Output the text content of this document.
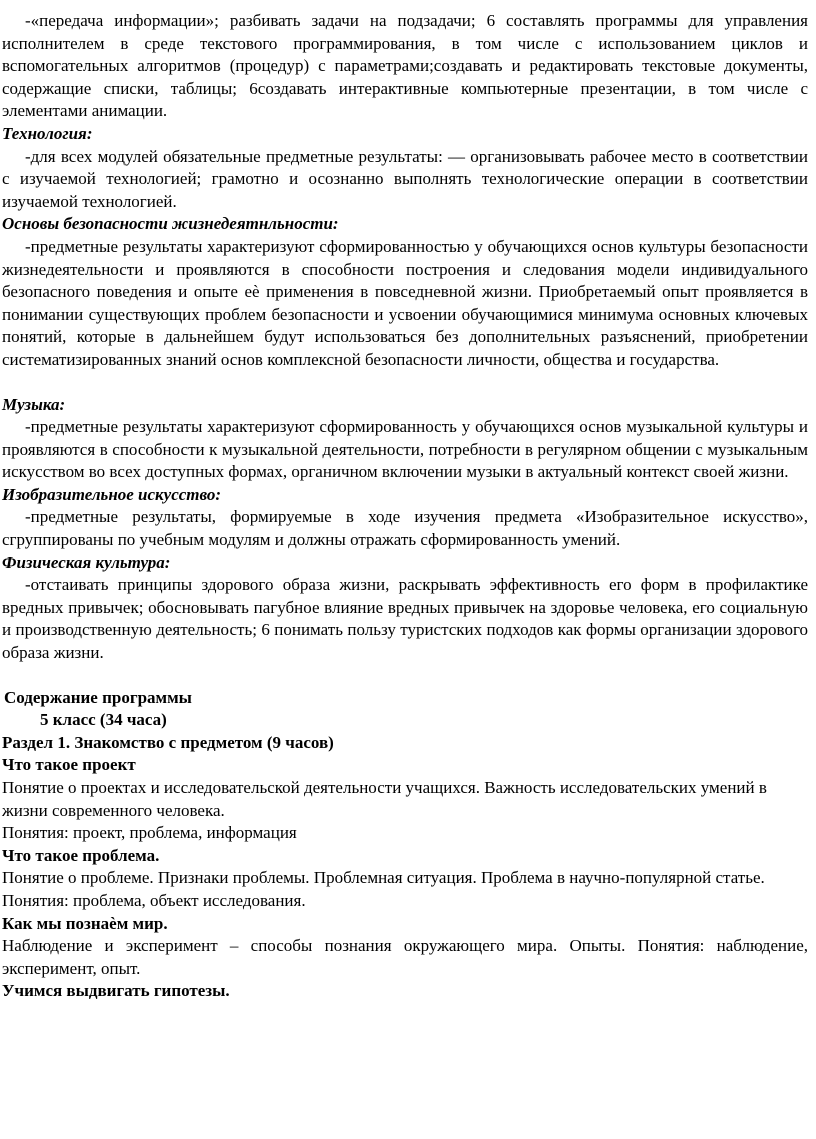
-«передача информации»; разбивать задачи на подзадачи; 6 составлять программы для управления исполнителем в среде текстового программирования, в том числе с использованием циклов и вспомогательных алгоритмов (процедур) с параметрами;создавать и редактировать текстовые документы, содержащие списки, таблицы; 6создавать интерактивные компьютерные презентации, в том числе с элементами анимации.

Технология:

-для всех модулей обязательные предметные результаты: — организовывать рабочее место в соответствии с изучаемой технологией; грамотно и осознанно выполнять технологические операции в соответствии изучаемой технологией.

Основы безопасности жизнедеятнльности:

-предметные результаты характеризуют сформированностью у обучающихся основ культуры безопасности жизнедеятельности и проявляются в способности построения и следования модели индивидуального безопасного поведения и опыте еѐ применения в повседневной жизни. Приобретаемый опыт проявляется в понимании существующих проблем безопасности и усвоении обучающимися минимума основных ключевых понятий, которые в дальнейшем будут использоваться без дополнительных разъяснений, приобретении систематизированных знаний основ комплексной безопасности личности, общества и государства.

Музыка:

-предметные результаты характеризуют сформированность у обучающихся основ музыкальной культуры и проявляются в способности к музыкальной деятельности, потребности в регулярном общении с музыкальным искусством во всех доступных формах, органичном включении музыки в актуальный контекст своей жизни.

Изобразительное искусство:

-предметные результаты, формируемые в ходе изучения предмета «Изобразительное искусство», сгруппированы по учебным модулям и должны отражать сформированность умений.

Физическая культура:

-отстаивать принципы здорового образа жизни, раскрывать эффективность его форм в профилактике вредных привычек; обосновывать пагубное влияние вредных привычек на здоровье человека, его социальную и производственную деятельность; 6 понимать пользу туристских подходов как формы организации здорового образа жизни.

Содержание программы

5 класс (34 часа)

Раздел 1. Знакомство с предметом (9 часов)

Что такое проект

Понятие о проектах и исследовательской деятельности учащихся. Важность исследовательских умений в жизни современного человека.

Понятия: проект, проблема, информация

Что такое проблема.

Понятие о проблеме. Признаки проблемы. Проблемная ситуация. Проблема в научно-популярной статье.

Понятия: проблема, объект исследования.

Как мы познаѐм мир.

Наблюдение и эксперимент – способы познания окружающего мира. Опыты. Понятия: наблюдение, эксперимент, опыт.

Учимся выдвигать гипотезы.
